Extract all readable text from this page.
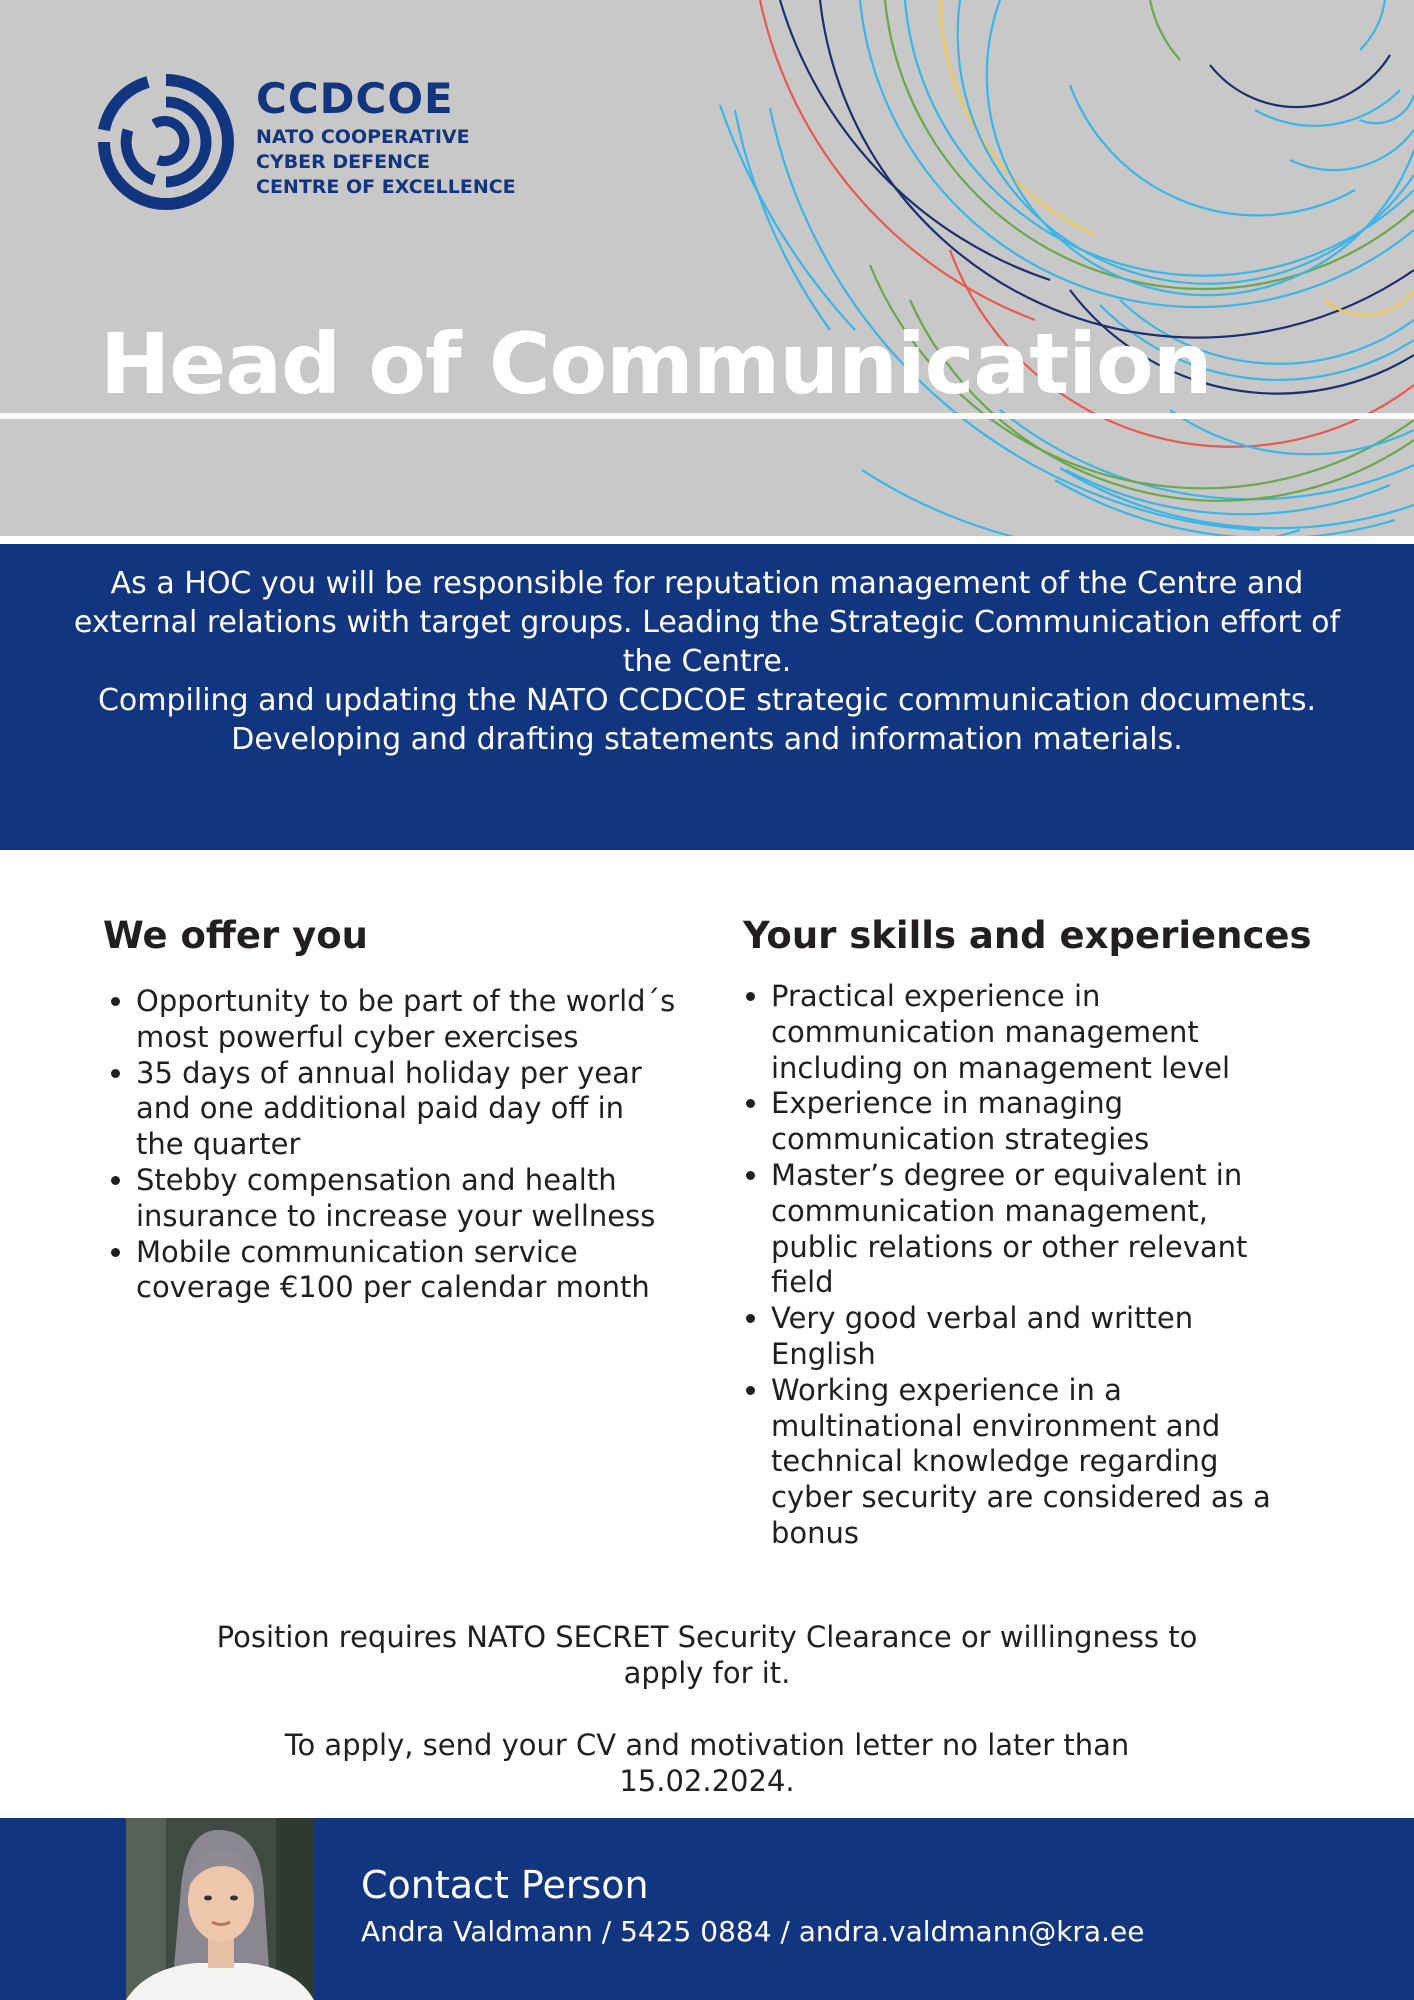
CCDCOE
NATO COOPERATIVE
CYBER DEFENCE
CENTRE OF EXCELLENCE
Head of Communication

As a HOC you will be responsible for reputation management of the Centre and external relations with target groups. Leading the Strategic Communication effort of the Centre.

Compiling and updating the NATO CCDCOE strategic communication documents. Developing and drafting statements and information materials.

We offer you
• Opportunity to be part of the world´s most powerful cyber exercises
• 35 days of annual holiday per year and one additional paid day off in the quarter
• Stebby compensation and health insurance to increase your wellness
• Mobile communication service coverage €100 per calendar month
Your skills and experiences
• Practical experience in communication management including on management level
• Experience in managing communication strategies
• Master’s degree or equivalent in communication management, public relations or other relevant field
• Very good verbal and written English
• Working experience in a multinational environment and technical knowledge regarding cyber security are considered as a bonus

Position requires NATO SECRET Security Clearance or willingness to apply for it.

To apply, send your CV and motivation letter no later than 15.02.2024.

Contact Person

Andra Valdmann / 5425 0884 / andra.valdmann@kra.ee
